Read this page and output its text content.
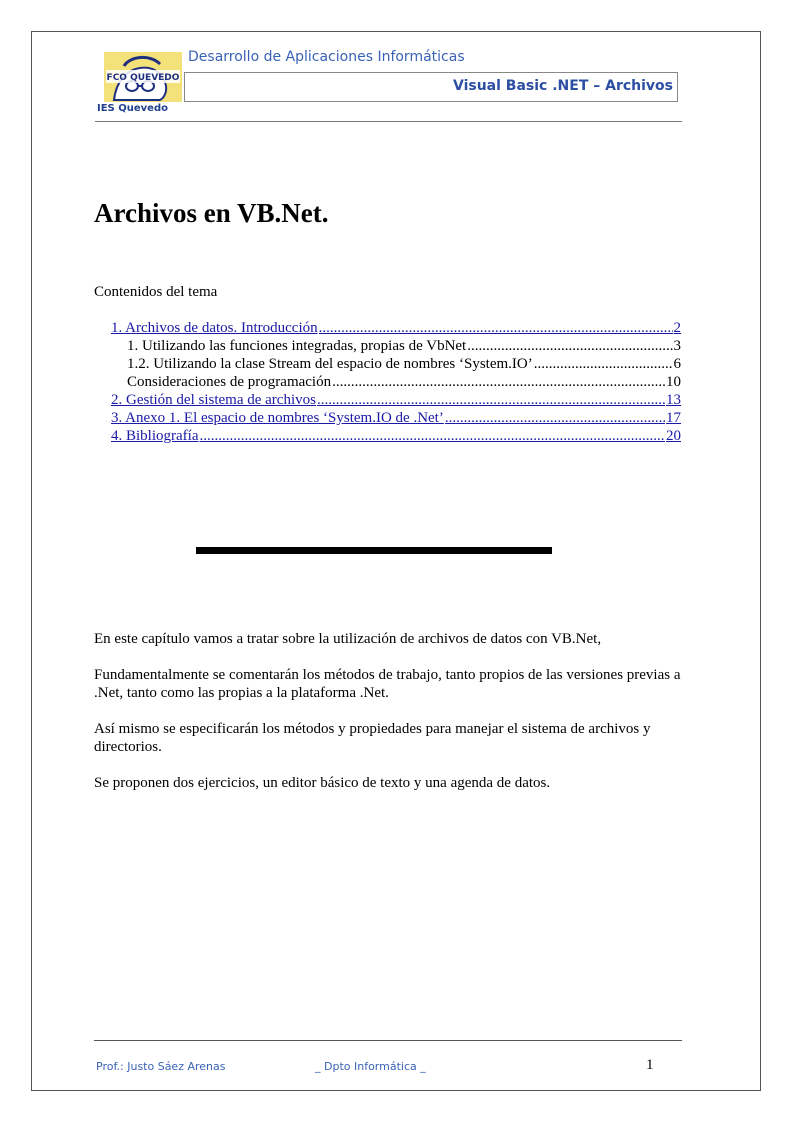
FCO QUEVEDO
IES Quevedo
Desarrollo de Aplicaciones Informáticas
Visual Basic .NET – Archivos
Archivos en VB.Net.
Contenidos del tema
1. Archivos de datos. Introducción .....	2
1. Utilizando las funciones integradas, propias de VbNet .....	3
1.2. Utilizando la clase Stream del espacio de nombres ‘System.IO’ .....	6
Consideraciones de programación .....	10
2. Gestión del sistema de archivos .....	13
3. Anexo 1. El espacio de nombres ‘System.IO de .Net’ .....	17
4. Bibliografía .....	20

En este capítulo vamos a tratar sobre la utilización de archivos de datos con VB.Net,

Fundamentalmente se comentarán los métodos de trabajo, tanto propios de las versiones previas a .Net, tanto como las propias a la plataforma .Net.

Así mismo se especificarán los métodos y propiedades para manejar el sistema de archivos y directorios.

Se proponen dos ejercicios, un editor básico de texto y una agenda de datos.

Prof.: Justo Sáez Arenas	_ Dpto Informática _	1
